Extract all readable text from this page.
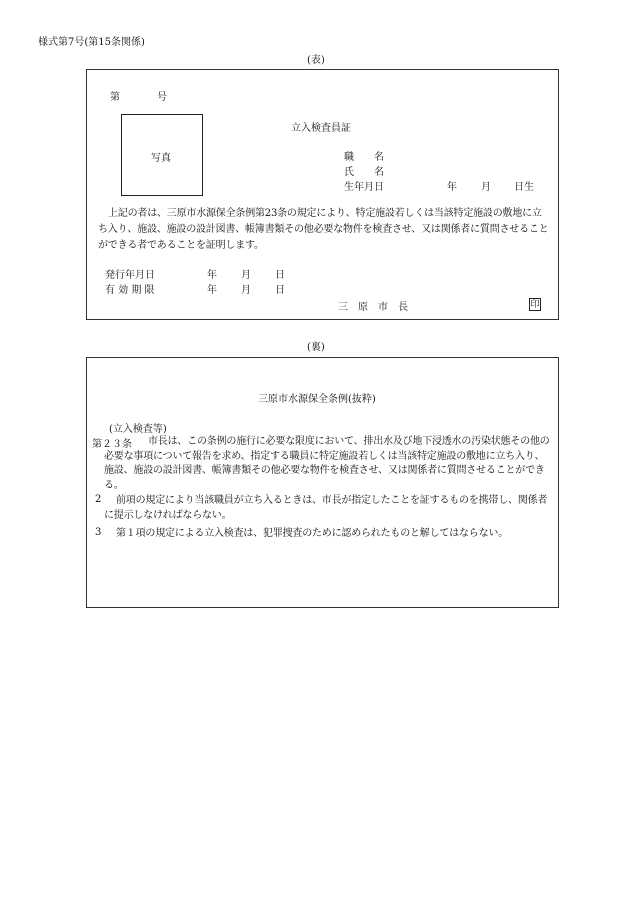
様式第7号(第15条関係)
(表)
第	号
写真
立入検査員証
職　　名
氏　　名
生年月日	年 月 日生
上記の者は、三原市水源保全条例第23条の規定により、特定施設若しくは当該特定施設の敷地に立ち入り、施設、施設の設計図書、帳簿書類その他必要な物件を検査させ、又は関係者に質問させることができる者であることを証明します。
発行年月日	年 月 日
有 効 期 限	年 月 日
三　原　市　長	印
(裏)
三原市水源保全条例(抜粋)
(立入検査等)
第２３条	市長は、この条例の施行に必要な限度において、排出水及び地下浸透水の汚染状態その他の必要な事項について報告を求め、指定する職員に特定施設若しくは当該特定施設の敷地に立ち入り、施設、施設の設計図書、帳簿書類その他必要な物件を検査させ、又は関係者に質問させることができる。
2	前項の規定により当該職員が立ち入るときは、市長が指定したことを証するものを携帯し、関係者に提示しなければならない。
3	第１項の規定による立入検査は、犯罪捜査のために認められたものと解してはならない。
